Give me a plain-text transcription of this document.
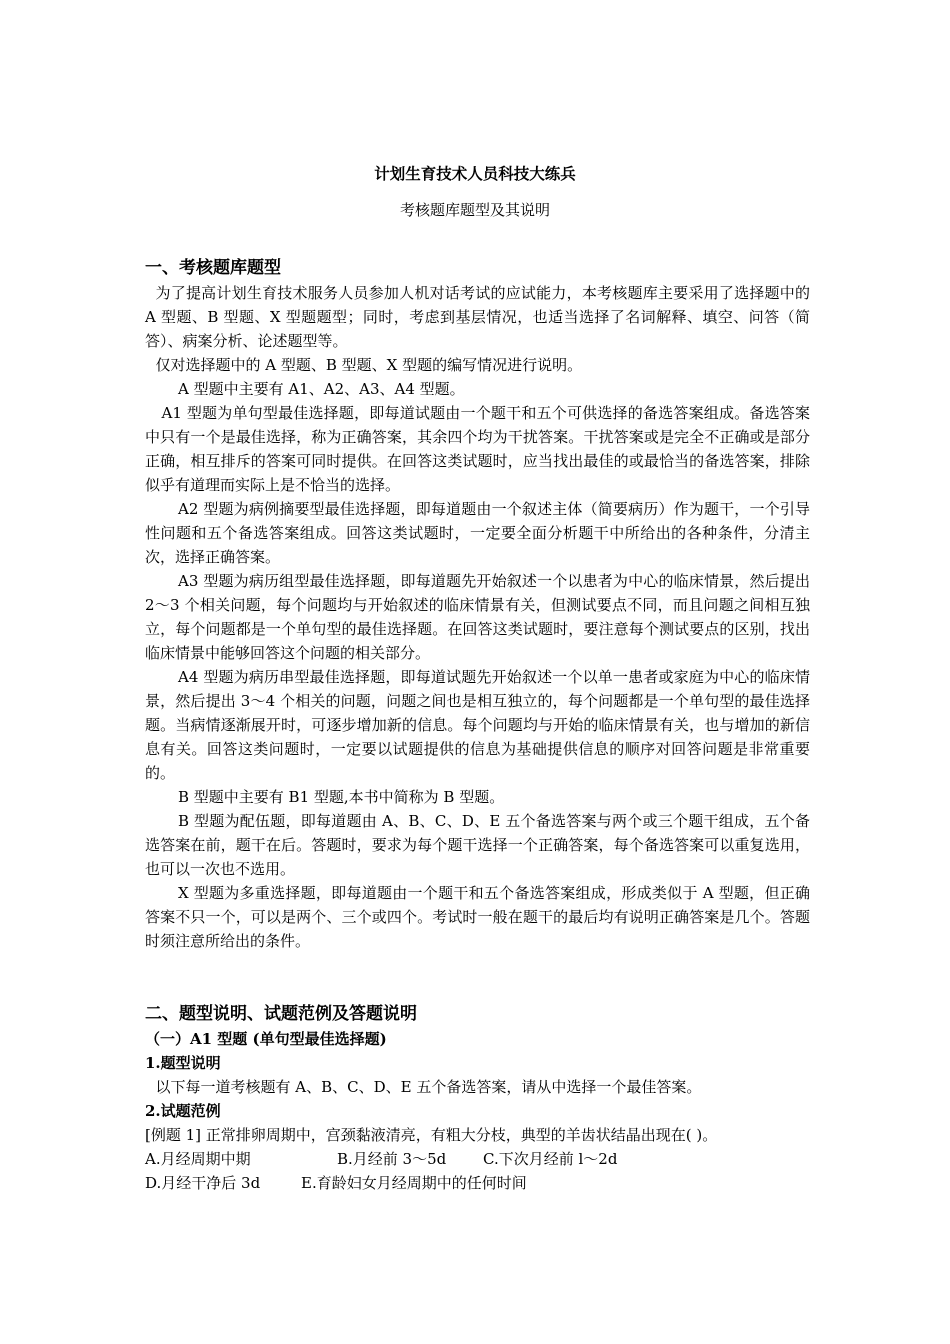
计划生育技术人员科技大练兵
考核题库题型及其说明

一、考核题库题型

为了提高计划生育技术服务人员参加人机对话考试的应试能力，本考核题库主要采用了选择题中的 A 型题、B 型题、X 型题题型；同时，考虑到基层情况，也适当选择了名词解释、填空、问答（简答）、病案分析、论述题型等。

仅对选择题中的 A 型题、B 型题、X 型题的编写情况进行说明。

A 型题中主要有 A1、A2、A3、A4 型题。

A1 型题为单句型最佳选择题，即每道试题由一个题干和五个可供选择的备选答案组成。备选答案中只有一个是最佳选择，称为正确答案，其余四个均为干扰答案。干扰答案或是完全不正确或是部分正确，相互排斥的答案可同时提供。在回答这类试题时，应当找出最佳的或最恰当的备选答案，排除似乎有道理而实际上是不恰当的选择。

A2 型题为病例摘要型最佳选择题，即每道题由一个叙述主体（简要病历）作为题干，一个引导性问题和五个备选答案组成。回答这类试题时，一定要全面分析题干中所给出的各种条件，分清主次，选择正确答案。

A3 型题为病历组型最佳选择题，即每道题先开始叙述一个以患者为中心的临床情景，然后提出 2～3 个相关问题，每个问题均与开始叙述的临床情景有关，但测试要点不同，而且问题之间相互独立，每个问题都是一个单句型的最佳选择题。在回答这类试题时，要注意每个测试要点的区别，找出临床情景中能够回答这个问题的相关部分。

A4 型题为病历串型最佳选择题，即每道试题先开始叙述一个以单一患者或家庭为中心的临床情景，然后提出 3～4 个相关的问题，问题之间也是相互独立的，每个问题都是一个单句型的最佳选择题。当病情逐渐展开时，可逐步增加新的信息。每个问题均与开始的临床情景有关，也与增加的新信息有关。回答这类问题时，一定要以试题提供的信息为基础提供信息的顺序对回答问题是非常重要的。

B 型题中主要有 B1 型题,本书中简称为 B 型题。

B 型题为配伍题，即每道题由 A、B、C、D、E 五个备选答案与两个或三个题干组成，五个备选答案在前，题干在后。答题时，要求为每个题干选择一个正确答案，每个备选答案可以重复选用，也可以一次也不选用。

X 型题为多重选择题，即每道题由一个题干和五个备选答案组成，形成类似于 A 型题，但正确答案不只一个，可以是两个、三个或四个。考试时一般在题干的最后均有说明正确答案是几个。答题时须注意所给出的条件。

二、题型说明、试题范例及答题说明

（一）A1 型题 (单句型最佳选择题)

1.题型说明

以下每一道考核题有 A、B、C、D、E 五个备选答案，请从中选择一个最佳答案。

2.试题范例

[例题 1] 正常排卵周期中，宫颈黏液清亮，有粗大分枝，典型的羊齿状结晶出现在( )。

A.月经周期中期	B.月经前 3～5d	C.下次月经前 l～2d
D.月经干净后 3d	E.育龄妇女月经周期中的任何时间
